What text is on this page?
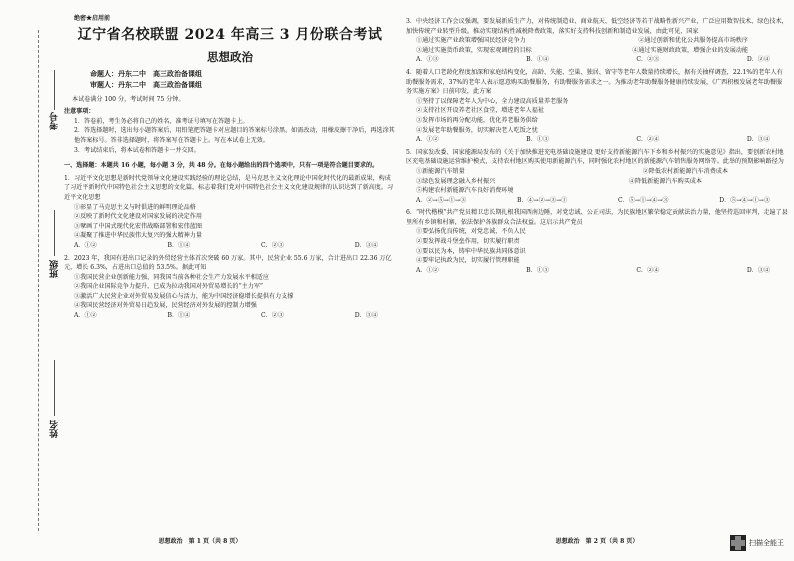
考号
班级
姓名
绝密★启用前
辽宁省名校联盟 2024 年高三 3 月份联合考试
思想政治
命题人：丹东二中　高三政治备课组
审题人：丹东二中　高三政治备课组
本试卷满分 100 分，考试时间 75 分钟。
注意事项：
1．答卷前，考生务必将自己的姓名、准考证号填写在答题卡上。
2．答选择题时，选出每小题答案后，用铅笔把答题卡对应题目的答案标号涂黑。如需改动，用橡皮擦干净后，再选涂其他答案标号。答非选择题时，将答案写在答题卡上。写在本试卷上无效。
3．考试结束后，将本试卷和答题卡一并交回。
一、选择题：本题共 16 小题，每小题 3 分，共 48 分。在每小题给出的四个选项中，只有一项是符合题目要求的。
1．习近平文化思想是新时代党领导文化建设实践经验的理论总结，是马克思主义文化理论中国化时代化的最新成果，构成了习近平新时代中国特色社会主义思想的文化篇，标志着我们党对中国特色社会主义文化建设规律的认识达到了新高度。习近平文化思想
①彰显了马克思主义与时俱进的鲜明理论品格
②反映了新时代文化建设对国家发展的决定作用
③擘画了中国式现代化宏伟战略部署和宏伟蓝图
④凝聚了推进中华民族伟大复兴的强大精神力量
A．①②	B．①④	C．②③	D．③④
2．2023 年，我国有进出口记录的外贸经营主体首次突破 60 万家。其中，民营企业 55.6 万家，合计进出口 22.36 万亿元，增长 6.3%，占进出口总值的 53.5%。据此可知
①我国民营企业创新能力强，同我国当前各种社会生产力发展水平相适应
②我国企业国际竞争力提升，已成为拉动我国对外贸易增长的“主力军”
③激活广大民营企业对外贸易发展信心与活力，能为中国经济稳增长提供有力支撑
④我国民营经济对外贸易日趋发展，民营经济对外发展的控制力增强
A．①②	B．①④	C．②③	D．③④
思想政治　第 1 页（共 8 页）
3．中央经济工作会议强调，要发展新质生产力，对传统制造业、商业航天、低空经济等若干战略性新兴产业，广泛应用数智技术、绿色技术，加快传统产业转型升级。推动实现结构性减税降费政策，落实好支持科技创新和制造业发展，由此可见，国家
①通过实施产业政策增强国民经济竞争力	②通过创新和优化公共服务提高市场秩序
③通过实施货币政策，实现宏观调控的目标	④通过实施财政政策，增强企业的发展动能
A．①③	B．①④	C．②③	D．②④
4．随着人口老龄化程度加深和家庭结构变化，高龄、失能、空巢、独居、留守等老年人数量持续增长，据有关抽样调查，22.1%的老年人有助餐服务需求，37%的老年人表示愿意购买助餐服务，有助餐服务需求之一。为推动老年助餐服务健康持续发展，《广西积极发展老年助餐服务实施方案》日前印发，此方案
①坚持了以保障老年人为中心，全力建设高质量养老服务
②支持社区开设养老社区食堂，增进老年人福祉
③发挥市场的再分配功能，优化养老服务供给
④发展老年助餐服务，切实解决老人吃饭之忧
A．①②	B．①③	C．②④	D．③④
5．国家发改委、国家能源局发布的《关于加快推进充电基础设施建设 更好支持新能源汽车下乡和乡村振兴的实施意见》指出，要创新农村地区充电基础设施运营维护模式，支持农村地区购买使用新能源汽车，同时强化农村地区的新能源汽车销售服务网络等。此举的预期影响路径为
①新能源汽车销量	②降低农村新能源汽车消费成本
③绿色发展理念融入乡村振兴	④降低新能源汽车购买成本
⑤构建农村新能源汽车良好消费环境
A．②→⑤→①→③	B．④→②→③→①	C．⑤→①→④→③	D．⑤→④→①→③
6．“时代楷模”共产党员精卫忠长期扎根我国西南边陲，对党忠诚、公正司法，为民族地区繁荣稳定贡献法治力量，他坚持巡回审判，走遍了县里所有乡镇和村寨，依法保护各族群众合法权益。这启示共产党员
①要弘扬优良传统，对党忠诚、不负人民
②要发挥战斗堡垒作用，切实履行职责
③要以民为本，铸牢中华民族共同体意识
④要牢记执政为民，切实履行管理职能
A．①②	B．①③	C．②④	D．③④
思想政治　第 2 页（共 8 页）	扫描全能王
